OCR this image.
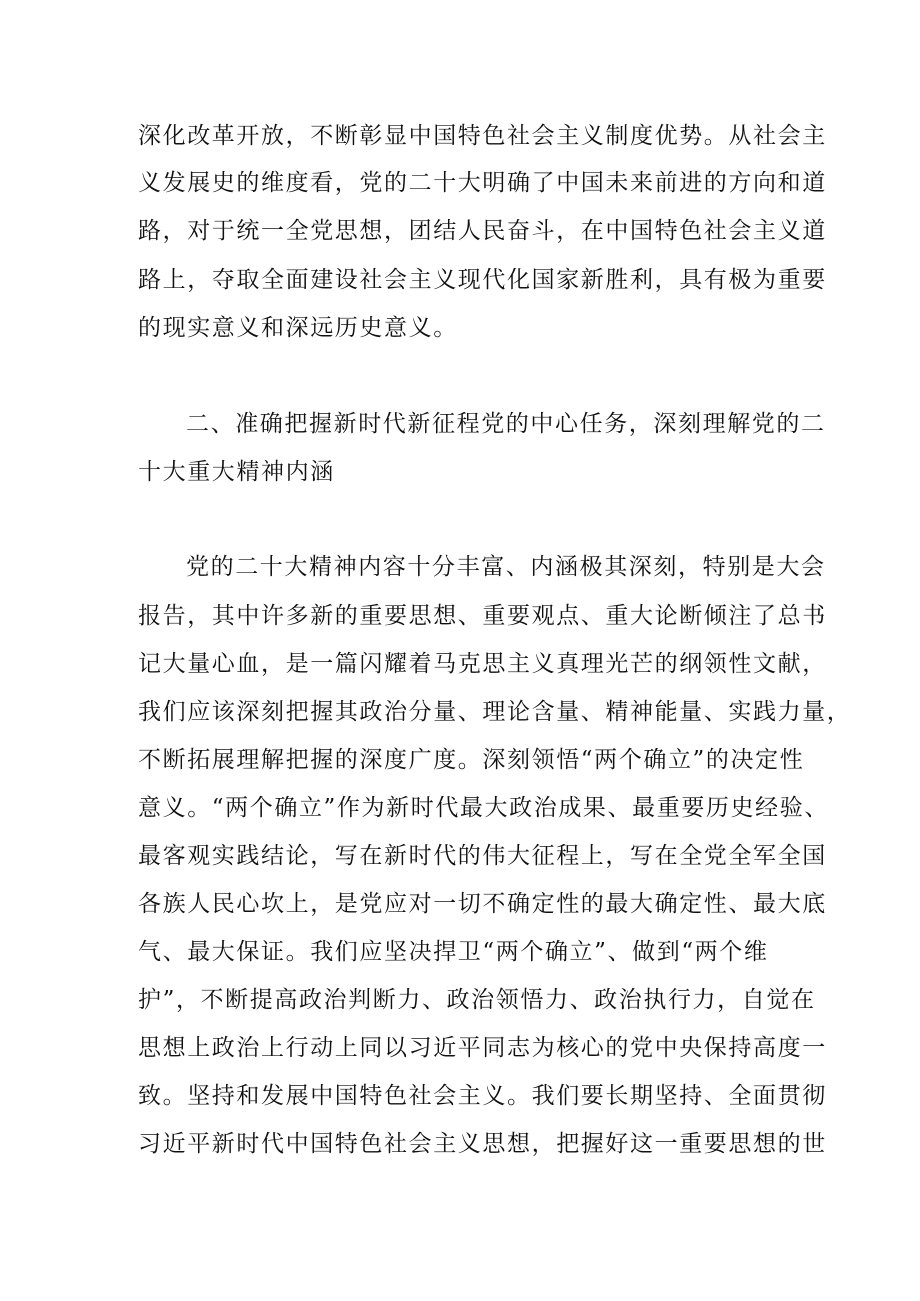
深化改革开放，不断彰显中国特色社会主义制度优势。从社会主
义发展史的维度看，党的二十大明确了中国未来前进的方向和道
路，对于统一全党思想，团结人民奋斗，在中国特色社会主义道
路上，夺取全面建设社会主义现代化国家新胜利，具有极为重要
的现实意义和深远历史意义。
二、准确把握新时代新征程党的中心任务，深刻理解党的二
十大重大精神内涵
党的二十大精神内容十分丰富、内涵极其深刻，特别是大会
报告，其中许多新的重要思想、重要观点、重大论断倾注了总书
记大量心血，是一篇闪耀着马克思主义真理光芒的纲领性文献，
我们应该深刻把握其政治分量、理论含量、精神能量、实践力量，
不断拓展理解把握的深度广度。深刻领悟“两个确立”的决定性
意义。“两个确立”作为新时代最大政治成果、最重要历史经验、
最客观实践结论，写在新时代的伟大征程上，写在全党全军全国
各族人民心坎上，是党应对一切不确定性的最大确定性、最大底
气、最大保证。我们应坚决捍卫“两个确立”、做到“两个维
护”，不断提高政治判断力、政治领悟力、政治执行力，自觉在
思想上政治上行动上同以习近平同志为核心的党中央保持高度一
致。坚持和发展中国特色社会主义。我们要长期坚持、全面贯彻
习近平新时代中国特色社会主义思想，把握好这一重要思想的世
